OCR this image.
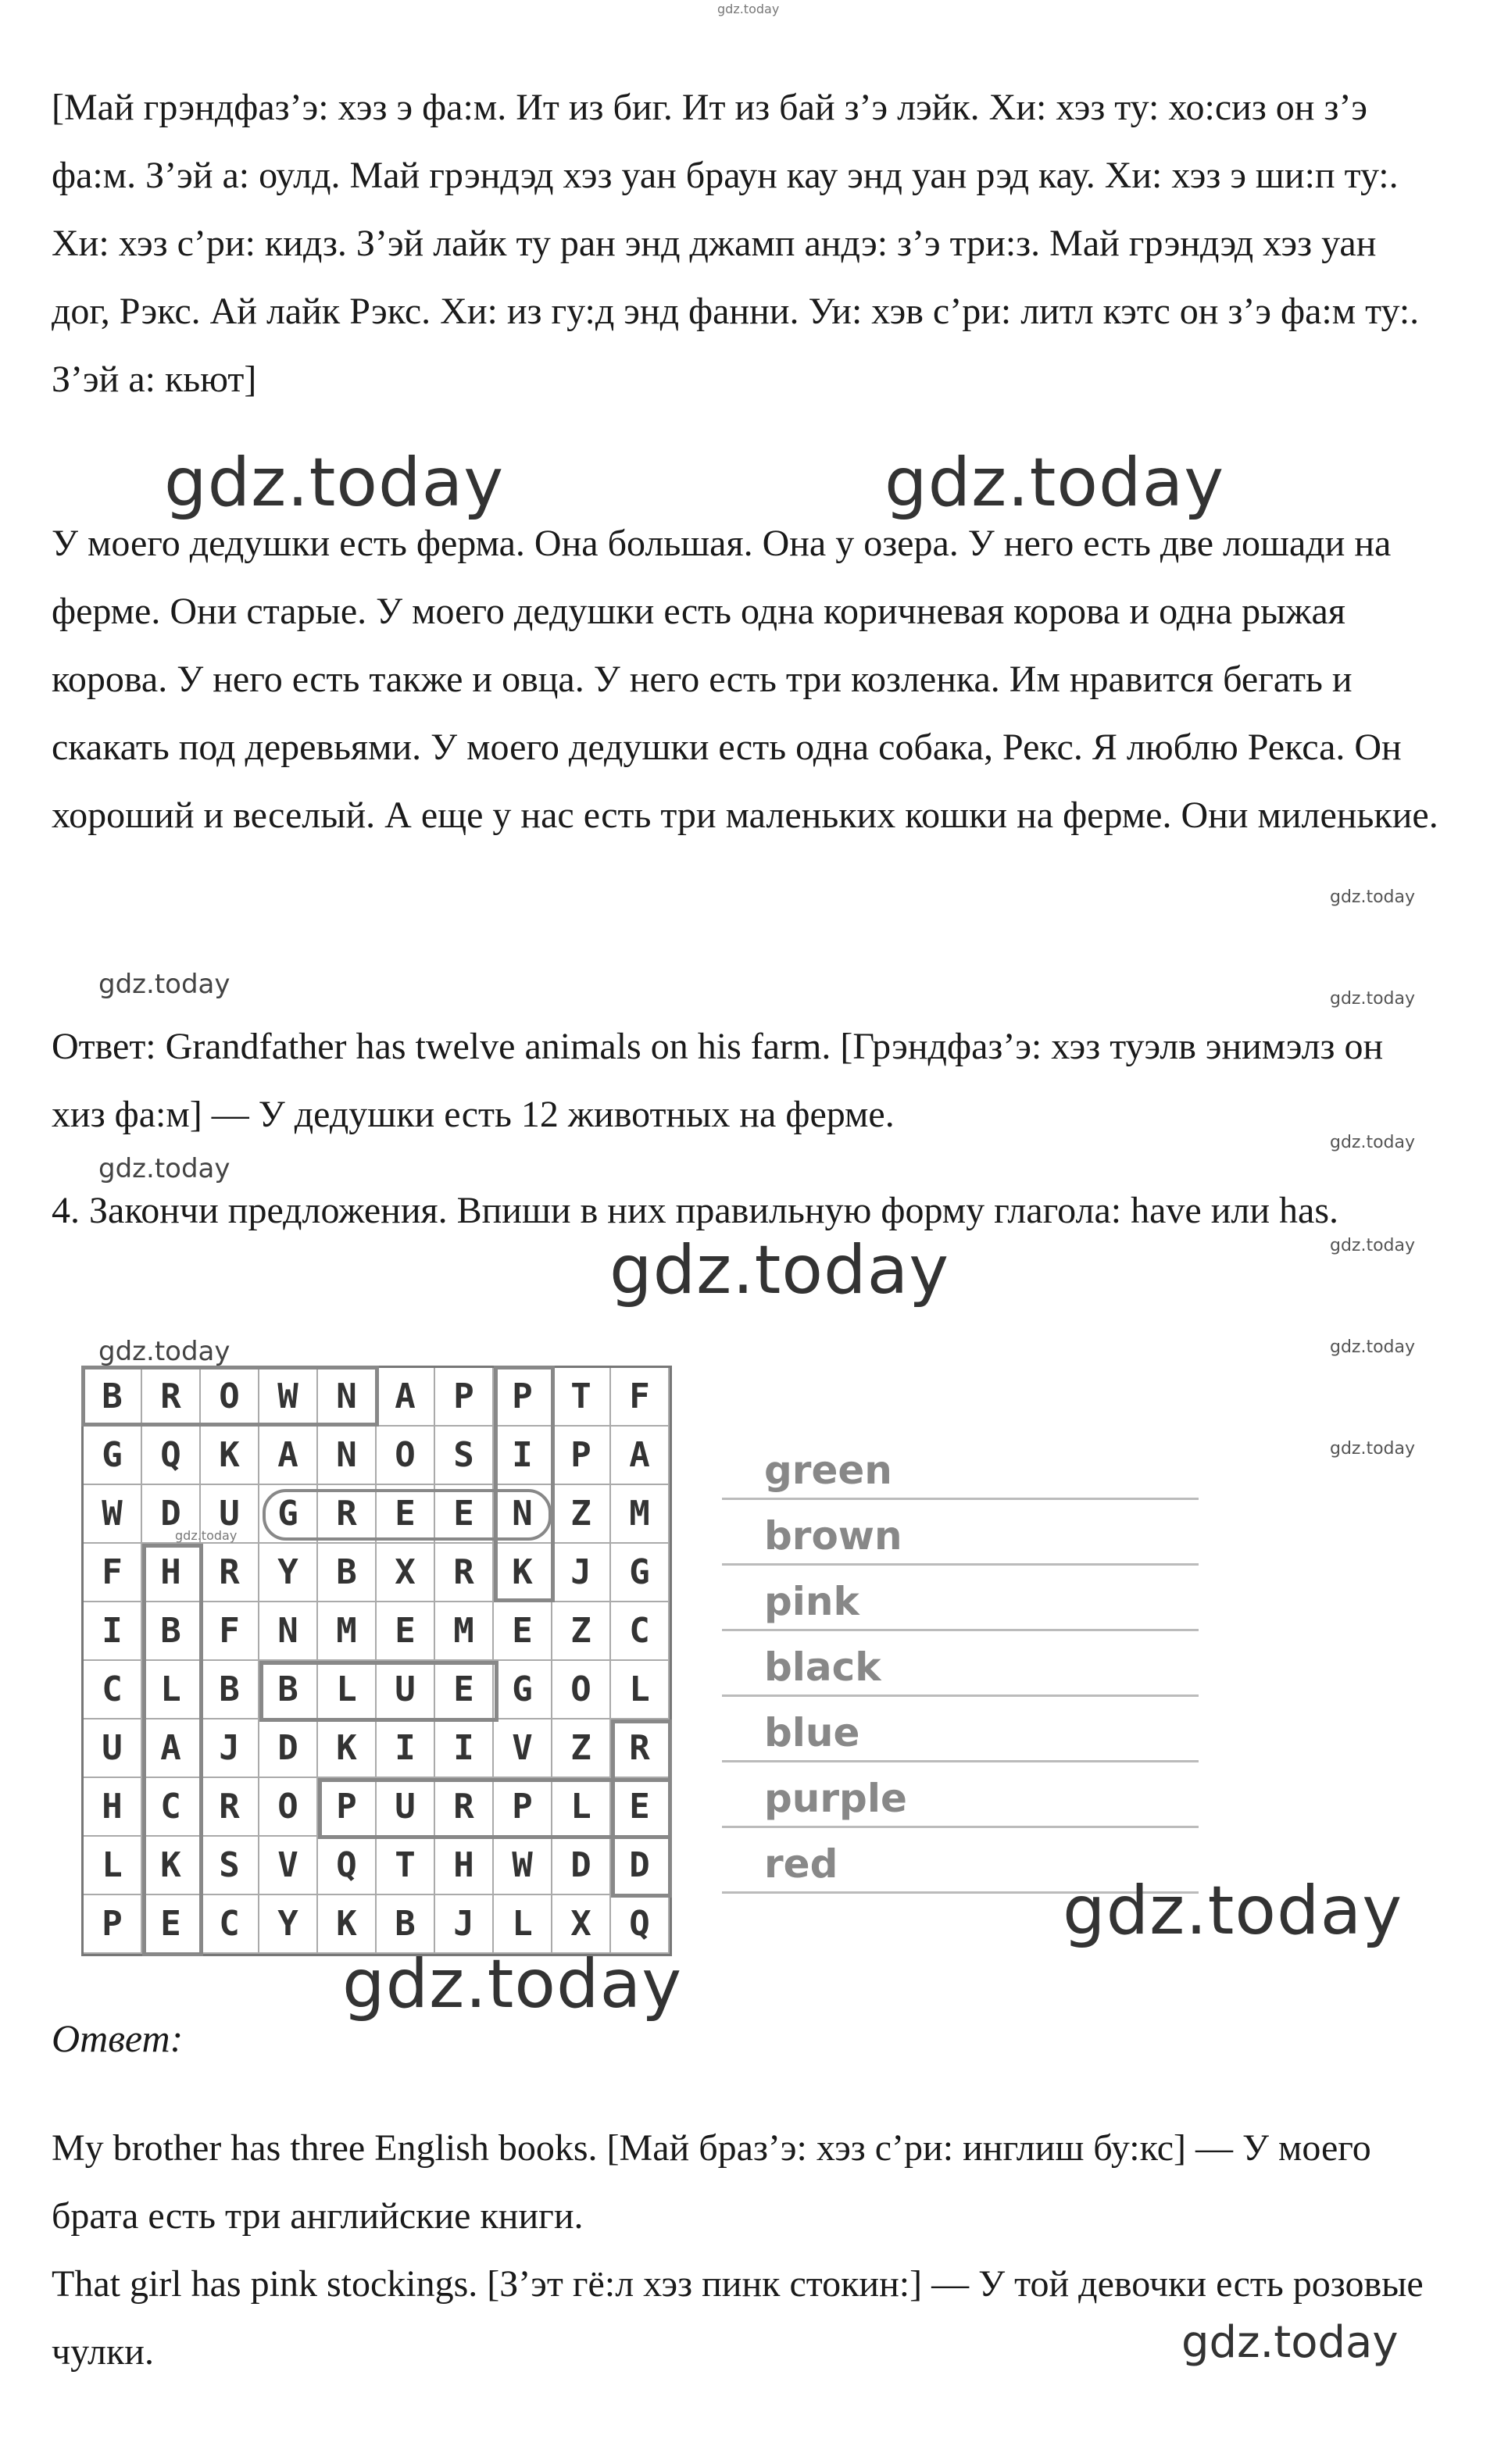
gdz.today

[Май грэндфаз’э: хэз э фа:м. Ит из биг. Ит из бай з’э лэйк. Хи: хэз ту: хо:сиз он з’э фа:м. З’эй а: оулд. Май грэндэд хэз уан браун кау энд уан рэд кау. Хи: хэз э ши:п ту:. Хи: хэз с’ри: кидз. З’эй лайк ту ран энд джамп андэ: з’э три:з. Май грэндэд хэз уан дог, Рэкс. Ай лайк Рэкс. Хи: из гу:д энд фанни. Уи: хэв с’ри: литл кэтс он з’э фа:м ту:. З’эй а: кьют]

gdz.today	gdz.today

У моего дедушки есть ферма. Она большая. Она у озера. У него есть две лошади на ферме. Они старые. У моего дедушки есть одна коричневая корова и одна рыжая корова. У него есть также и овца. У него есть три козленка. Им нравится бегать и скакать под деревьями. У моего дедушки есть одна собака, Рекс. Я люблю Рекса. Он хороший и веселый. А еще у нас есть три маленьких кошки на ферме. Они миленькие.

gdz.today
gdz.today	gdz.today

Ответ: Grandfather has twelve animals on his farm. [Грэндфаз’э: хэз туэлв энимэлз он хиз фа:м] — У дедушки есть 12 животных на ферме.

gdz.today
gdz.today

4. Закончи предложения. Впиши в них правильную форму глагола: have или has.

gdz.today
gdz.today
gdz.today	gdz.today
gdz.today
B	R	O	W	N	A	P	P	T	F
G	Q	K	A	N	O	S	I	P	A
W	D	U	G	R	E	E	N	Z	M
F	H	R	Y	B	X	R	K	J	G
I	B	F	N	M	E	M	E	Z	C
C	L	B	B	L	U	E	G	O	L
U	A	J	D	K	I	I	V	Z	R
H	C	R	O	P	U	R	P	L	E
L	K	S	V	Q	T	H	W	D	D
P	E	C	Y	K	B	J	L	X	Q
gdz.today
green
brown
pink
black
blue
purple
red
gdz.today
gdz.today
Ответ:

My brother has three English books. [Май браз’э: хэз с’ри: инглиш бу:кс] — У моего брата есть три английские книги.

That girl has pink stockings. [З’эт гё:л хэз пинк стокин:] — У той девочки есть розовые чулки.	gdz.today
